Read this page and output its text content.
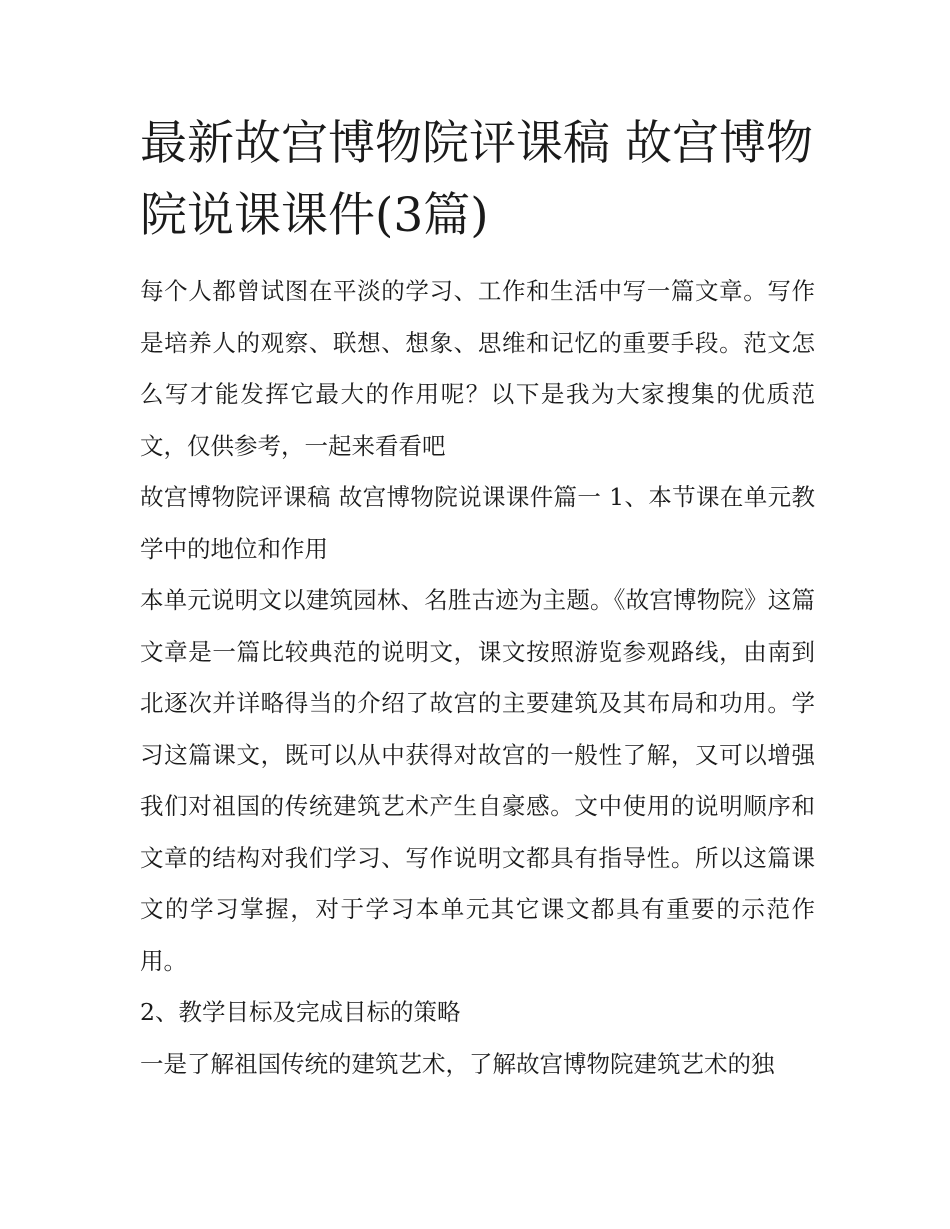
最新故宫博物院评课稿 故宫博物院说课课件(3篇)

每个人都曾试图在平淡的学习、工作和生活中写一篇文章。写作是培养人的观察、联想、想象、思维和记忆的重要手段。范文怎么写才能发挥它最大的作用呢？以下是我为大家搜集的优质范文，仅供参考，一起来看看吧

故宫博物院评课稿 故宫博物院说课课件篇一 1、本节课在单元教学中的地位和作用

本单元说明文以建筑园林、名胜古迹为主题。《故宫博物院》这篇文章是一篇比较典范的说明文，课文按照游览参观路线，由南到北逐次并详略得当的介绍了故宫的主要建筑及其布局和功用。学习这篇课文，既可以从中获得对故宫的一般性了解，又可以增强我们对祖国的传统建筑艺术产生自豪感。文中使用的说明顺序和文章的结构对我们学习、写作说明文都具有指导性。所以这篇课文的学习掌握，对于学习本单元其它课文都具有重要的示范作用。

2、教学目标及完成目标的策略

一是了解祖国传统的建筑艺术，了解故宫博物院建筑艺术的独
